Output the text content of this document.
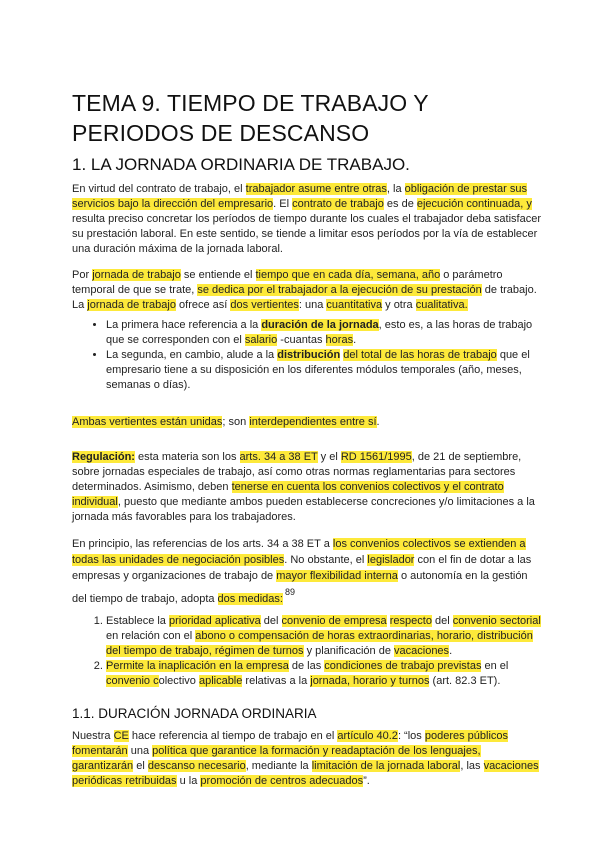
TEMA 9. TIEMPO DE TRABAJO Y PERIODOS DE DESCANSO
1. LA JORNADA ORDINARIA DE TRABAJO.

En virtud del contrato de trabajo, el trabajador asume entre otras, la obligación de prestar sus servicios bajo la dirección del empresario. El contrato de trabajo es de ejecución continuada, y resulta preciso concretar los períodos de tiempo durante los cuales el trabajador deba satisfacer su prestación laboral. En este sentido, se tiende a limitar esos períodos por la vía de establecer una duración máxima de la jornada laboral.

Por jornada de trabajo se entiende el tiempo que en cada día, semana, año o parámetro temporal de que se trate, se dedica por el trabajador a la ejecución de su prestación de trabajo. La jornada de trabajo ofrece así dos vertientes: una cuantitativa y otra cualitativa.

• La primera hace referencia a la duración de la jornada, esto es, a las horas de trabajo que se corresponden con el salario -cuantas horas.
• La segunda, en cambio, alude a la distribución del total de las horas de trabajo que el empresario tiene a su disposición en los diferentes módulos temporales (año, meses, semanas o días).

Ambas vertientes están unidas; son interdependientes entre sí.

Regulación: esta materia son los arts. 34 a 38 ET y el RD 1561/1995, de 21 de septiembre, sobre jornadas especiales de trabajo, así como otras normas reglamentarias para sectores determinados. Asimismo, deben tenerse en cuenta los convenios colectivos y el contrato individual, puesto que mediante ambos pueden establecerse concreciones y/o limitaciones a la jornada más favorables para los trabajadores.

En principio, las referencias de los arts. 34 a 38 ET a los convenios colectivos se extienden a todas las unidades de negociación posibles. No obstante, el legislador con el fin de dotar a las empresas y organizaciones de trabajo de mayor flexibilidad interna o autonomía en la gestión del tiempo de trabajo, adopta dos medidas:$^{89}$

1. Establece la prioridad aplicativa del convenio de empresa respecto del convenio sectorial en relación con el abono o compensación de horas extraordinarias, horario, distribución del tiempo de trabajo, régimen de turnos y planificación de vacaciones.
2. Permite la inaplicación en la empresa de las condiciones de trabajo previstas en el convenio colectivo aplicable relativas a la jornada, horario y turnos (art. 82.3 ET).
1.1. DURACIÓN JORNADA ORDINARIA

Nuestra CE hace referencia al tiempo de trabajo en el artículo 40.2: “los poderes públicos fomentarán una política que garantice la formación y readaptación de los lenguajes, garantizarán el descanso necesario, mediante la limitación de la jornada laboral, las vacaciones periódicas retribuidas u la promoción de centros adecuados”.
